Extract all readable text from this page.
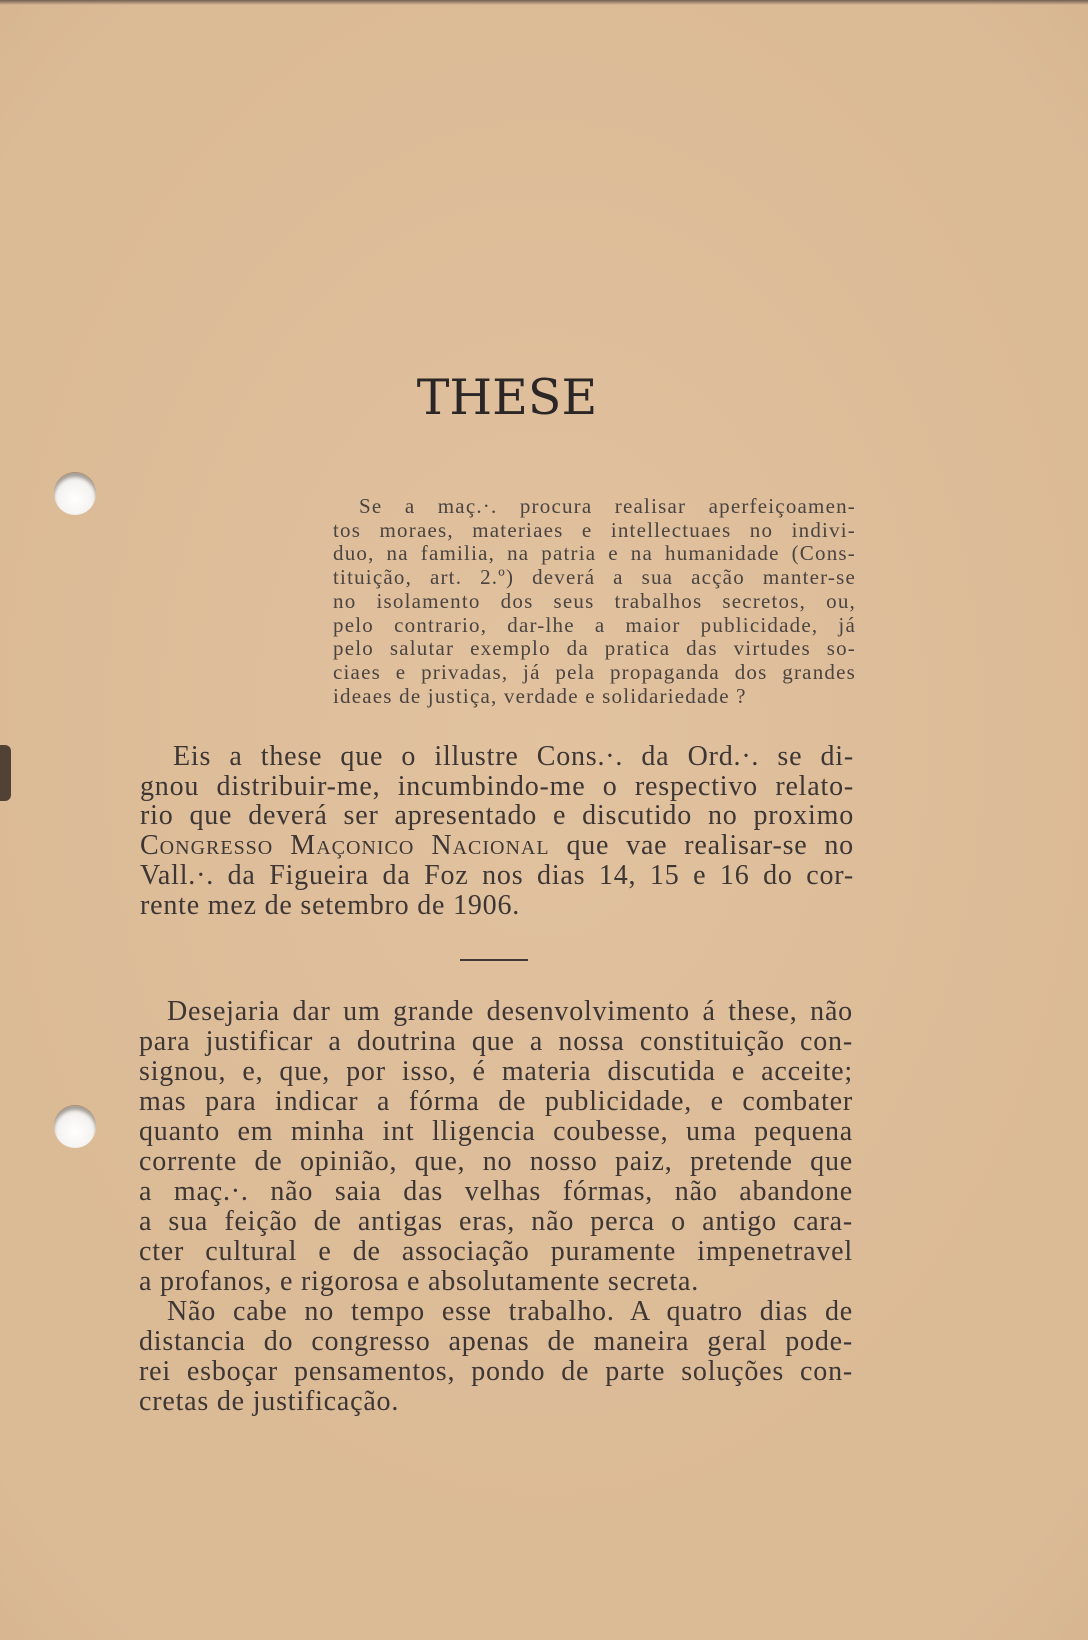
THESE
Se a maç.·. procura realisar aperfeiçoamen-
tos moraes, materiaes e intellectuaes no indivi-
duo, na familia, na patria e na humanidade (Cons-
tituição, art. 2.º) deverá a sua acção manter-se
no isolamento dos seus trabalhos secretos, ou,
pelo contrario, dar-lhe a maior publicidade, já
pelo salutar exemplo da pratica das virtudes so-
ciaes e privadas, já pela propaganda dos grandes
ideaes de justiça, verdade e solidariedade ?
Eis a these que o illustre Cons.·. da Ord.·. se di-
gnou distribuir-me, incumbindo-me o respectivo relato-
rio que deverá ser apresentado e discutido no proximo
Congresso Maçonico Nacional que vae realisar-se no
Vall.·. da Figueira da Foz nos dias 14, 15 e 16 do cor-
rente mez de setembro de 1906.
Desejaria dar um grande desenvolvimento á these, não
para justificar a doutrina que a nossa constituição con-
signou, e, que, por isso, é materia discutida e acceite;
mas para indicar a fórma de publicidade, e combater
quanto em minha int lligencia coubesse, uma pequena
corrente de opinião, que, no nosso paiz, pretende que
a maç.·. não saia das velhas fórmas, não abandone
a sua feição de antigas eras, não perca o antigo cara-
cter cultural e de associação puramente impenetravel
a profanos, e rigorosa e absolutamente secreta.
Não cabe no tempo esse trabalho. A quatro dias de
distancia do congresso apenas de maneira geral pode-
rei esboçar pensamentos, pondo de parte soluções con-
cretas de justificação.
